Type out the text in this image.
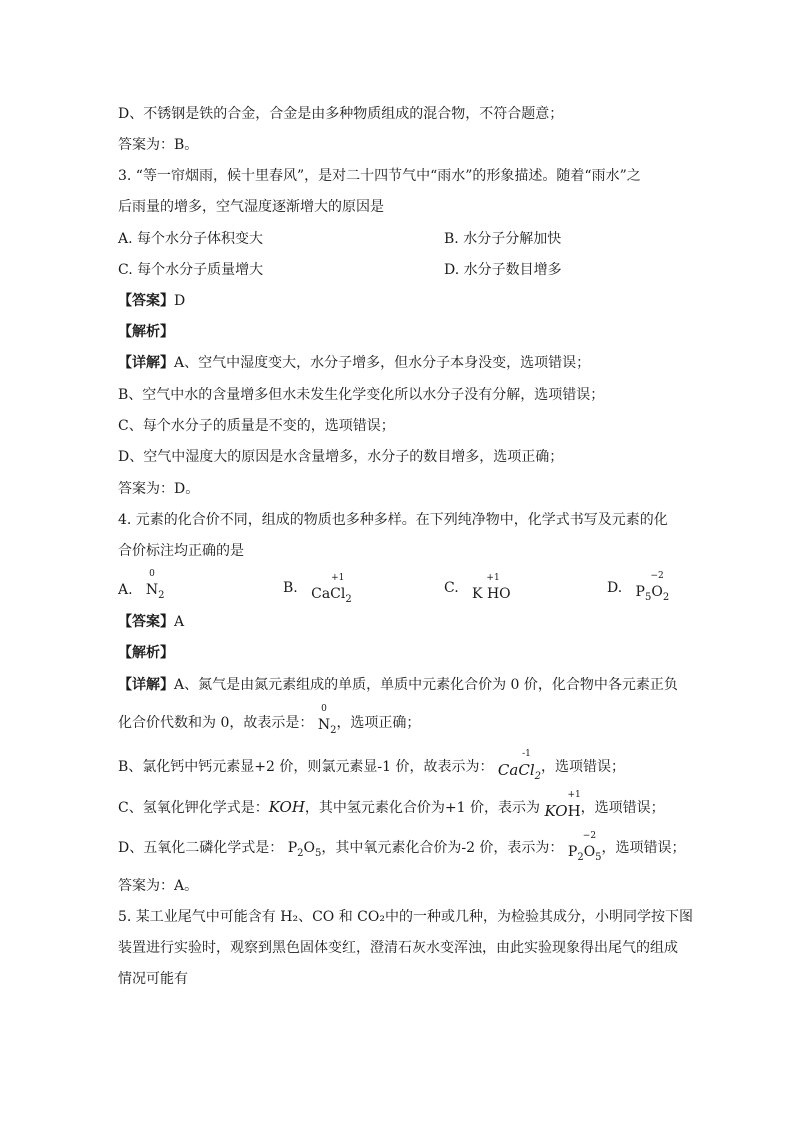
D、不锈钢是铁的合金，合金是由多种物质组成的混合物，不符合题意；
答案为：B。
3. “等一帘烟雨，候十里春风”，是对二十四节气中“雨水”的形象描述。随着“雨水”之
后雨量的增多，空气湿度逐渐增大的原因是
A. 每个水分子体积变大	B. 水分子分解加快
C. 每个水分子质量增大	D. 水分子数目增多
【答案】D
【解析】
【详解】A、空气中湿度变大，水分子增多，但水分子本身没变，选项错误；
B、空气中水的含量增多但水未发生化学变化所以水分子没有分解，选项错误；
C、每个水分子的质量是不变的，选项错误；
D、空气中湿度大的原因是水含量增多，水分子的数目增多，选项正确；
答案为：D。
4. 元素的化合价不同，组成的物质也多种多样。在下列纯净物中，化学式书写及元素的化
合价标注均正确的是
A.
0
$N_2$	B. Ca
+1
$Cl_2$
C. K
+1
HO	D. $P_5$
−2
$O_2$
【答案】A
【解析】
【详解】A、氮气是由氮元素组成的单质，单质中元素化合价为 0 价，化合物中各元素正负
化合价代数和为 0，故表示是：
0
$N_2$，选项正确；
B、氯化钙中钙元素显+2 价，则氯元素显-1 价，故表示为： Ca
-1
$Cl_2$，选项错误；
C、氢氧化钾化学式是：KOH，其中氢元素化合价为+1 价，表示为 KO
+1
H，选项错误；
D、五氧化二磷化学式是： $P_2O_5$，其中氧元素化合价为-2 价，表示为： $P_2$
−2
$O_5$，选项错误；
答案为：A。
5. 某工业尾气中可能含有 H₂、CO 和 CO₂中的一种或几种，为检验其成分，小明同学按下图
装置进行实验时，观察到黑色固体变红，澄清石灰水变浑浊，由此实验现象得出尾气的组成
情况可能有
